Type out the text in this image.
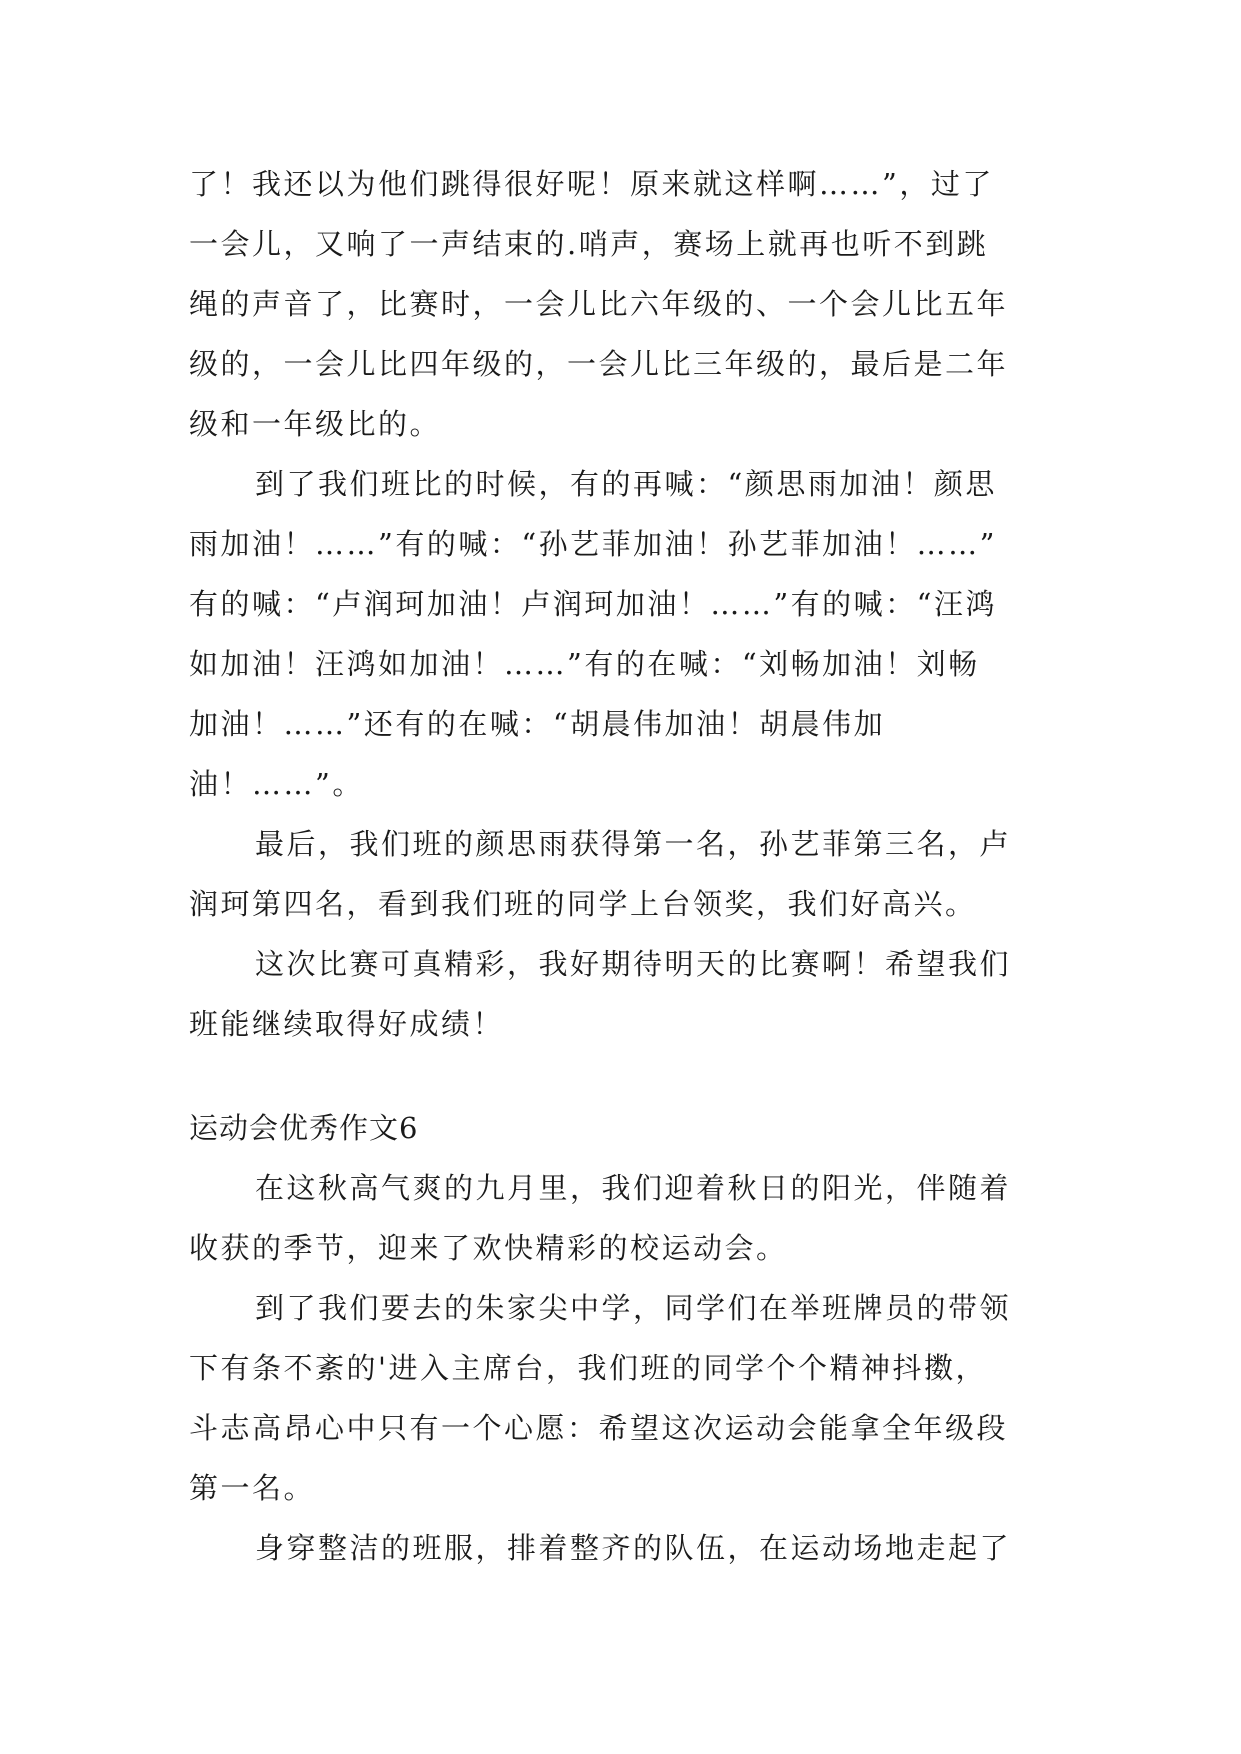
了！我还以为他们跳得很好呢！原来就这样啊……”，过了
一会儿，又响了一声结束的.哨声，赛场上就再也听不到跳
绳的声音了，比赛时，一会儿比六年级的、一个会儿比五年
级的，一会儿比四年级的，一会儿比三年级的，最后是二年
级和一年级比的。
到了我们班比的时候，有的再喊：“颜思雨加油！颜思
雨加油！……”有的喊：“孙艺菲加油！孙艺菲加油！……”
有的喊：“卢润珂加油！卢润珂加油！……”有的喊：“汪鸿
如加油！汪鸿如加油！……”有的在喊：“刘畅加油！刘畅
加油！……”还有的在喊：“胡晨伟加油！胡晨伟加
油！……”。
最后，我们班的颜思雨获得第一名，孙艺菲第三名，卢
润珂第四名，看到我们班的同学上台领奖，我们好高兴。
这次比赛可真精彩，我好期待明天的比赛啊！希望我们
班能继续取得好成绩！
运动会优秀作文6
在这秋高气爽的九月里，我们迎着秋日的阳光，伴随着
收获的季节，迎来了欢快精彩的校运动会。
到了我们要去的朱家尖中学，同学们在举班牌员的带领
下有条不紊的'进入主席台，我们班的同学个个精神抖擞，
斗志高昂心中只有一个心愿：希望这次运动会能拿全年级段
第一名。
身穿整洁的班服，排着整齐的队伍，在运动场地走起了
